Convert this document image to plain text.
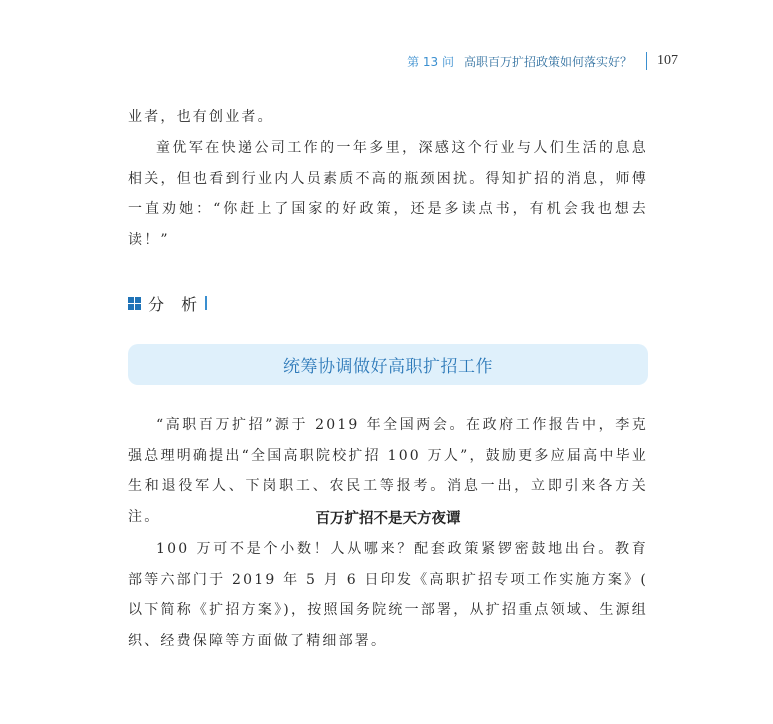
第 13 问 高职百万扩招政策如何落实好？ 107

业者，也有创业者。

童优军在快递公司工作的一年多里，深感这个行业与人们生活的息息相关，但也看到行业内人员素质不高的瓶颈困扰。得知扩招的消息，师傅一直劝她：“你赶上了国家的好政策，还是多读点书，有机会我也想去读！”

分 析
统筹协调做好高职扩招工作

“高职百万扩招”源于 2019 年全国两会。在政府工作报告中，李克强总理明确提出“全国高职院校扩招 100 万人”，鼓励更多应届高中毕业生和退役军人、下岗职工、农民工等报考。消息一出，立即引来各方关注。	百万扩招不是天方夜谭

100 万可不是个小数！人从哪来？配套政策紧锣密鼓地出台。教育部等六部门于 2019 年 5 月 6 日印发《高职扩招专项工作实施方案》( 以下简称《扩招方案》)，按照国务院统一部署，从扩招重点领域、生源组织、经费保障等方面做了精细部署。
